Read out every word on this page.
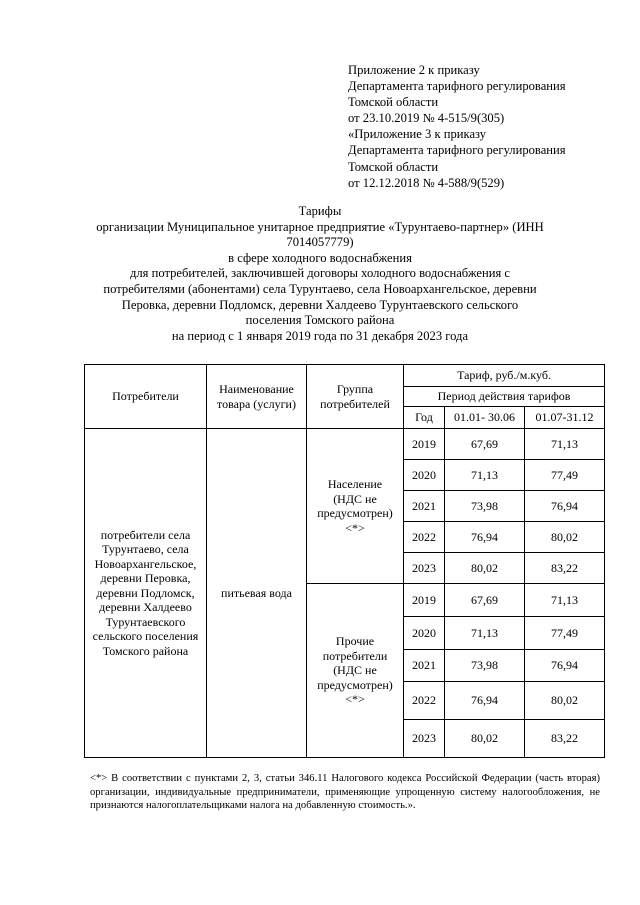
Приложение 2 к приказу
Департамента тарифного регулирования
Томской области
от 23.10.2019 № 4-515/9(305)
«Приложение 3 к приказу
Департамента тарифного регулирования
Томской области
от 12.12.2018 № 4-588/9(529)
Тарифы
организации Муниципальное унитарное предприятие «Турунтаево-партнер» (ИНН
7014057779)
в сфере холодного водоснабжения
для потребителей, заключившей договоры холодного водоснабжения с
потребителями (абонентами) села Турунтаево, села Новоархангельское, деревни
Перовка, деревни Подломск, деревни Халдеево Турунтаевского сельского
поселения Томского района
на период с 1 января 2019 года по 31 декабря 2023 года
Потребители	Наименование товара (услуги)	Группа потребителей	Тариф, руб./м.куб.		
			Период действия тарифов		
			Год	01.01- 30.06	01.07-31.12
потребители села Турунтаево, села Новоархангельское, деревни Перовка, деревни Подломск, деревни Халдеево Турунтаевского сельского поселения Томского района	питьевая вода	Население (НДС не предусмотрен) <*>	2019	67,69	71,13
			2020	71,13	77,49
			2021	73,98	76,94
			2022	76,94	80,02
			2023	80,02	83,22
		Прочие потребители (НДС не предусмотрен) <*>	2019	67,69	71,13
			2020	71,13	77,49
			2021	73,98	76,94
			2022	76,94	80,02
			2023	80,02	83,22
<*> В соответствии с пунктами 2, 3, статьи 346.11 Налогового кодекса Российской Федерации (часть вторая) организации, индивидуальные предприниматели, применяющие упрощенную систему налогообложения, не признаются налогоплательщиками налога на добавленную стоимость.».
